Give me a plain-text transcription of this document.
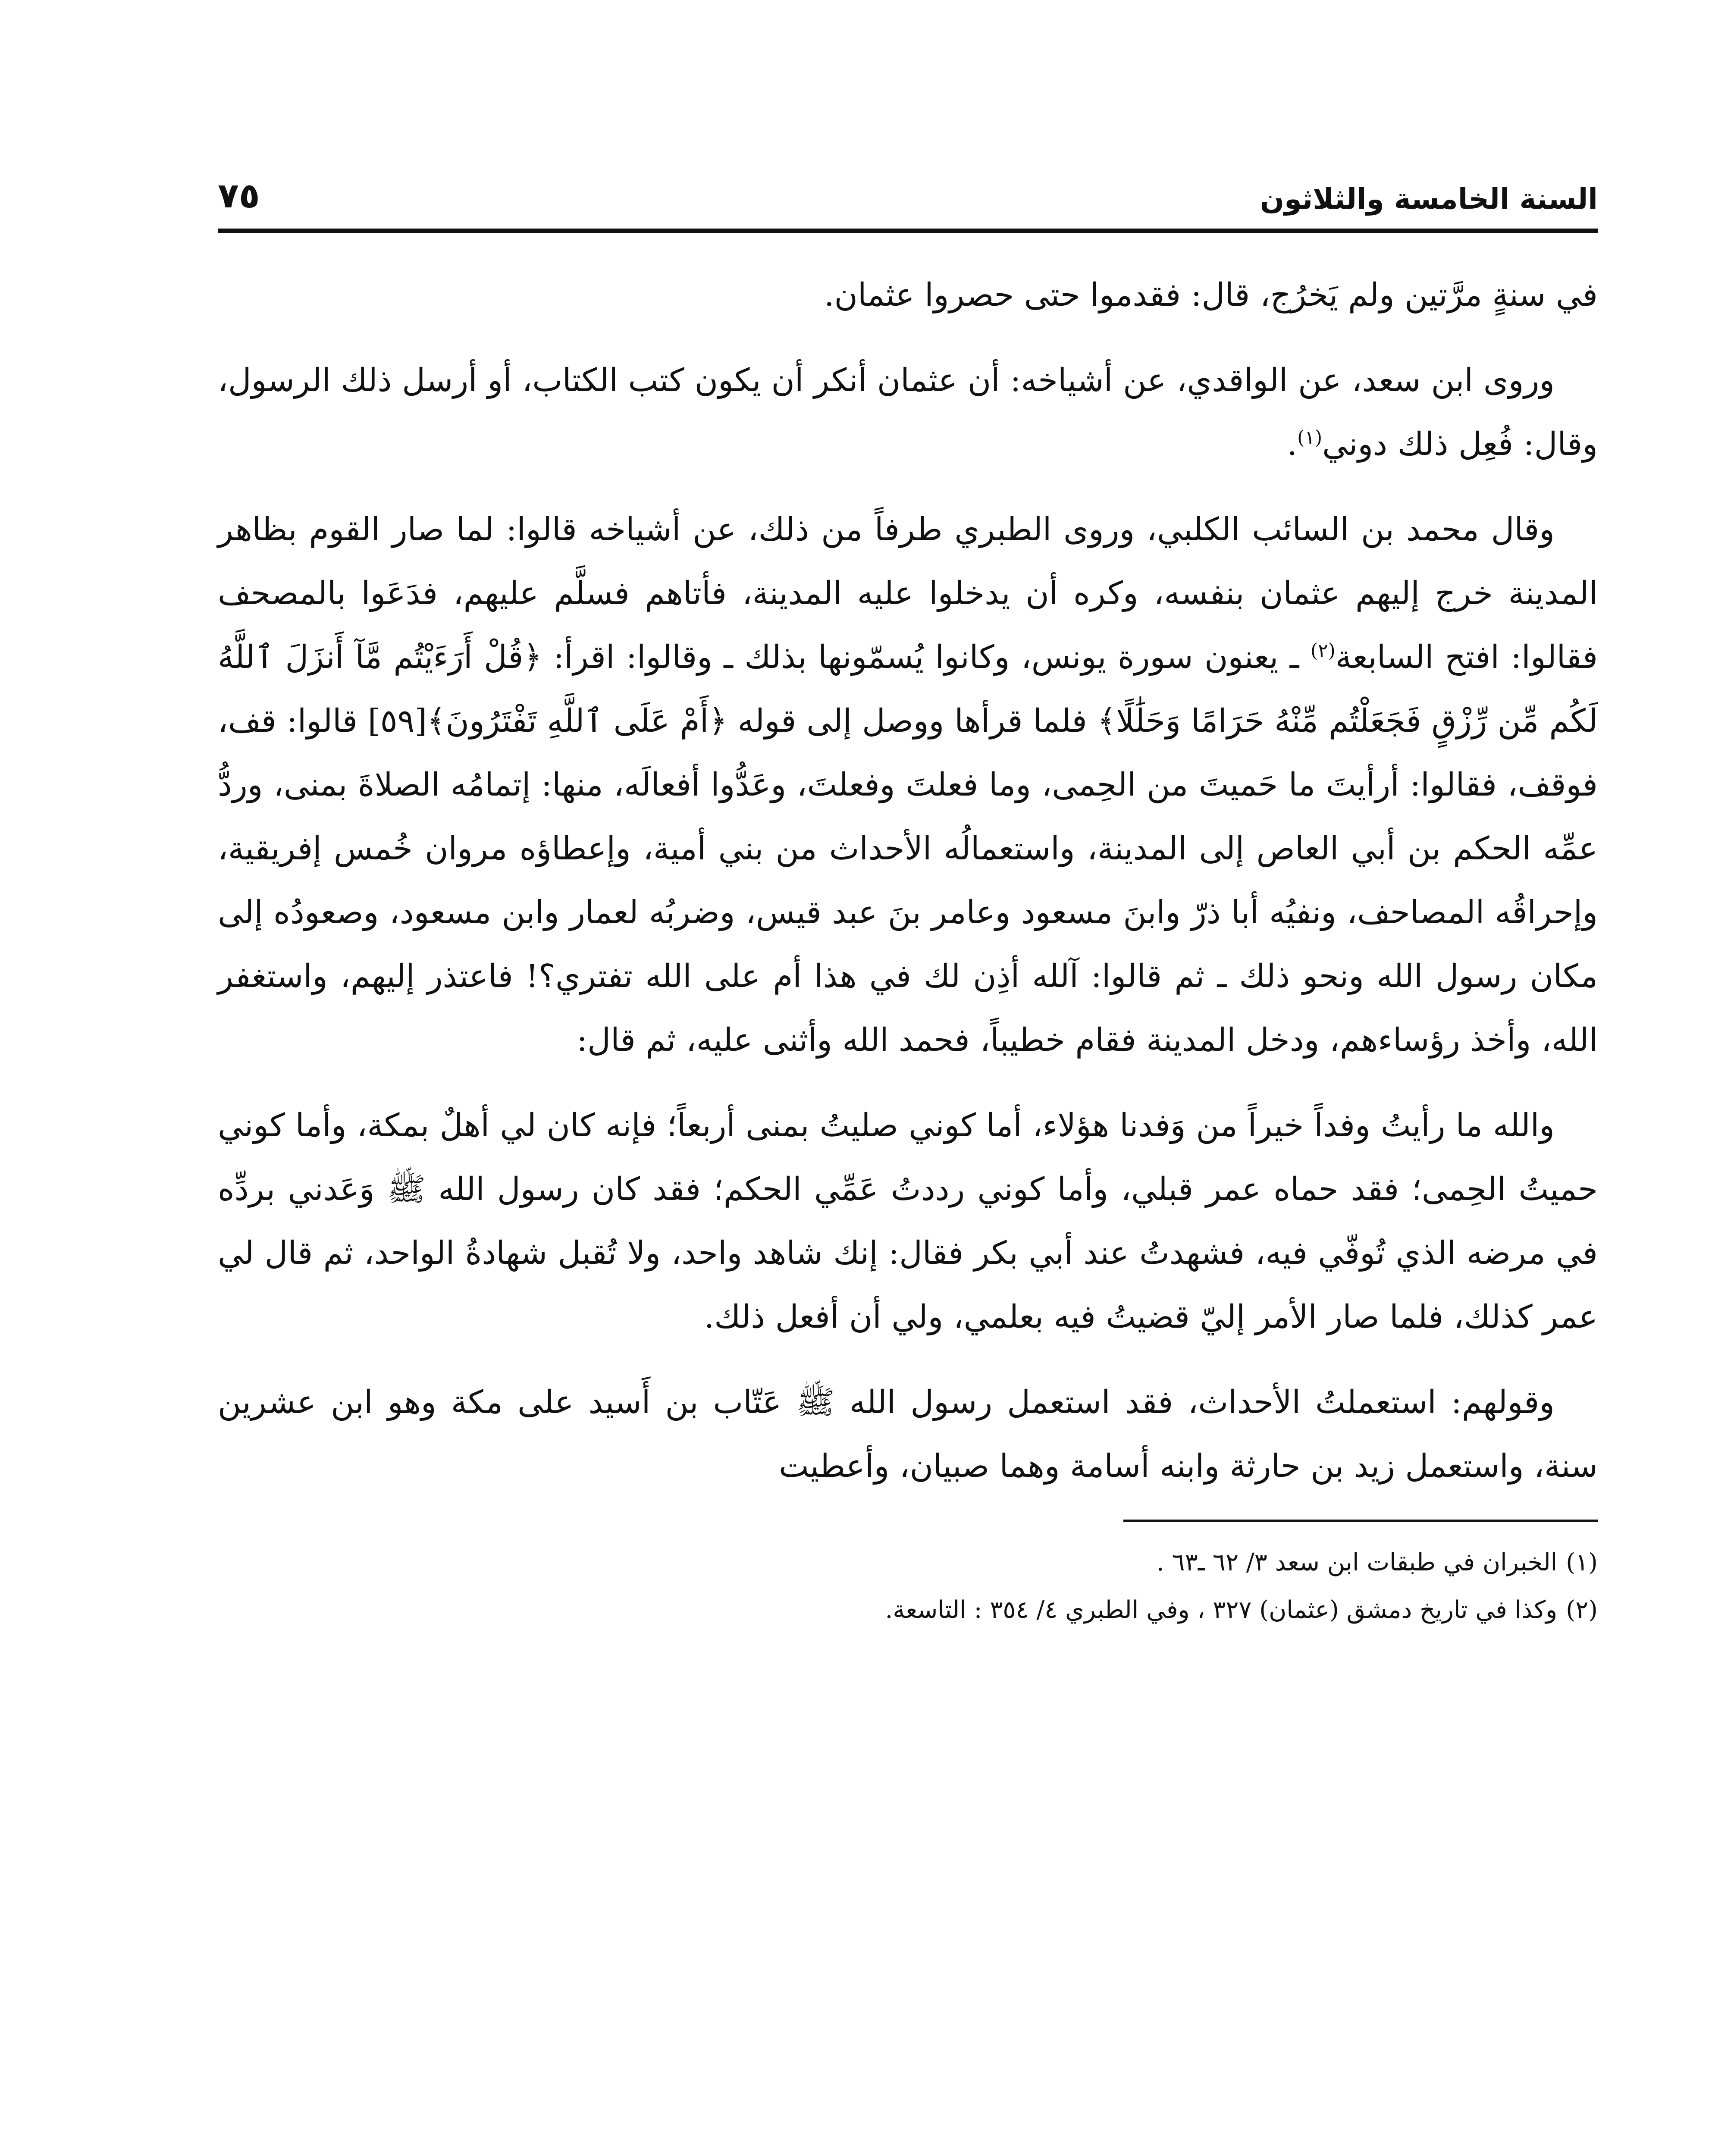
السنة الخامسة والثلاثون
٧٥

في سنةٍ مرَّتين ولم يَخرُج، قال: فقدموا حتى حصروا عثمان.

وروى ابن سعد، عن الواقدي، عن أشياخه: أن عثمان أنكر أن يكون كتب الكتاب، أو أرسل ذلك الرسول، وقال: فُعِل ذلك دوني$^{(١)}$.

وقال محمد بن السائب الكلبي، وروى الطبري طرفاً من ذلك، عن أشياخه قالوا: لما صار القوم بظاهر المدينة خرج إليهم عثمان بنفسه، وكره أن يدخلوا عليه المدينة، فأتاهم فسلَّم عليهم، فدَعَوا بالمصحف فقالوا: افتح السابعة$^{(٢)}$ ـ يعنون سورة يونس، وكانوا يُسمّونها بذلك ـ وقالوا: اقرأ: ﴿قُلْ أَرَءَيْتُم مَّآ أَنزَلَ ٱللَّهُ لَكُم مِّن رِّزْقٍ فَجَعَلْتُم مِّنْهُ حَرَامًا وَحَلَٰلًا﴾ فلما قرأها ووصل إلى قوله ﴿أَمْ عَلَى ٱللَّهِ تَفْتَرُونَ﴾[٥٩] قالوا: قف، فوقف، فقالوا: أرأيتَ ما حَميتَ من الحِمى، وما فعلتَ وفعلتَ، وعَدُّوا أفعالَه، منها: إتمامُه الصلاةَ بمنى، وردُّ عمِّه الحكم بن أبي العاص إلى المدينة، واستعمالُه الأحداث من بني أمية، وإعطاؤه مروان خُمس إفريقية، وإحراقُه المصاحف، ونفيُه أبا ذرّ وابنَ مسعود وعامر بنَ عبد قيس، وضربُه لعمار وابن مسعود، وصعودُه إلى مكان رسول الله ونحو ذلك ـ ثم قالوا: آلله أذِن لك في هذا أم على الله تفتري؟! فاعتذر إليهم، واستغفر الله، وأخذ رؤساءهم، ودخل المدينة فقام خطيباً، فحمد الله وأثنى عليه، ثم قال:

والله ما رأيتُ وفداً خيراً من وَفدنا هؤلاء، أما كوني صليتُ بمنى أربعاً؛ فإنه كان لي أهلٌ بمكة، وأما كوني حميتُ الحِمى؛ فقد حماه عمر قبلي، وأما كوني رددتُ عَمِّي الحكم؛ فقد كان رسول الله ﷺ وَعَدني بردِّه في مرضه الذي تُوفّي فيه، فشهدتُ عند أبي بكر فقال: إنك شاهد واحد، ولا تُقبل شهادةُ الواحد، ثم قال لي عمر كذلك، فلما صار الأمر إليّ قضيتُ فيه بعلمي، ولي أن أفعل ذلك.

وقولهم: استعملتُ الأحداث، فقد استعمل رسول الله ﷺ عَتّاب بن أَسيد على مكة وهو ابن عشرين سنة، واستعمل زيد بن حارثة وابنه أسامة وهما صبيان، وأعطيت

(١)الخبران في طبقات ابن سعد ٣/ ٦٢ ـ٦٣ .

(٢)وكذا في تاريخ دمشق (عثمان) ٣٢٧ ، وفي الطبري ٤/ ٣٥٤ : التاسعة.
